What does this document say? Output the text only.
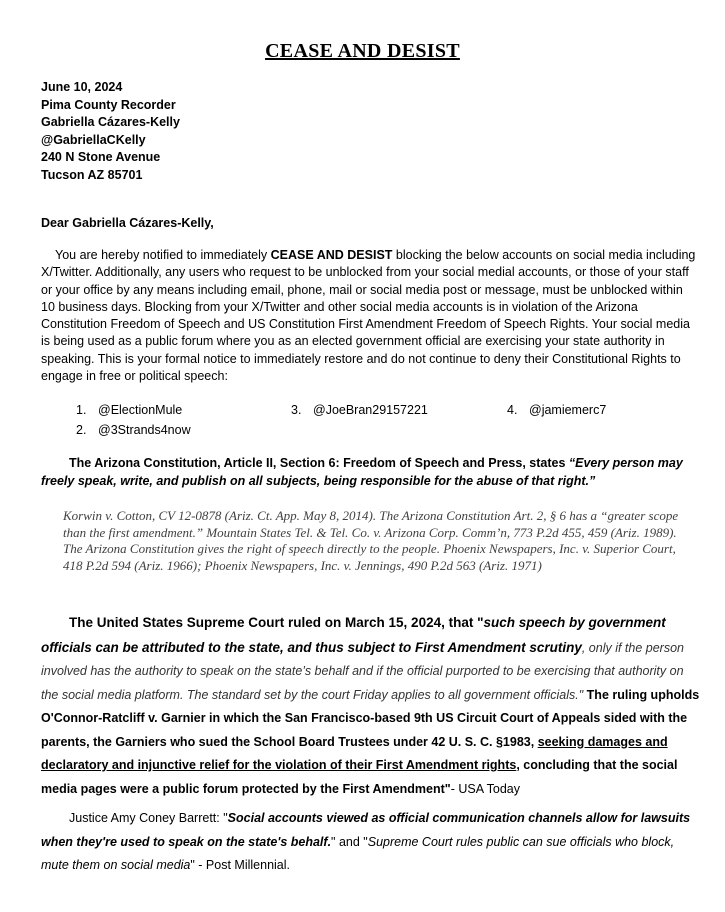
CEASE AND DESIST
June 10, 2024
Pima County Recorder
Gabriella Cázares-Kelly
@GabriellaCKelly
240 N Stone Avenue
Tucson AZ 85701
Dear Gabriella Cázares-Kelly,
You are hereby notified to immediately CEASE AND DESIST blocking the below accounts on social media including X/Twitter. Additionally, any users who request to be unblocked from your social medial accounts, or those of your staff or your office by any means including email, phone, mail or social media post or message, must be unblocked within 10 business days. Blocking from your X/Twitter and other social media accounts is in violation of the Arizona Constitution Freedom of Speech and US Constitution First Amendment Freedom of Speech Rights. Your social media is being used as a public forum where you as an elected government official are exercising your state authority in speaking. This is your formal notice to immediately restore and do not continue to deny their Constitutional Rights to engage in free or political speech:
1. @ElectionMule
2. @3Strands4now
3. @JoeBran29157221	4. @jamiemerc7
The Arizona Constitution, Article II, Section 6: Freedom of Speech and Press, states “Every person may freely speak, write, and publish on all subjects, being responsible for the abuse of that right.”
Korwin v. Cotton, CV 12-0878 (Ariz. Ct. App. May 8, 2014). The Arizona Constitution Art. 2, § 6 has a “greater scope than the first amendment.” Mountain States Tel. & Tel. Co. v. Arizona Corp. Comm’n, 773 P.2d 455, 459 (Ariz. 1989). The Arizona Constitution gives the right of speech directly to the people. Phoenix Newspapers, Inc. v. Superior Court, 418 P.2d 594 (Ariz. 1966); Phoenix Newspapers, Inc. v. Jennings, 490 P.2d 563 (Ariz. 1971)
The United States Supreme Court ruled on March 15, 2024, that "such speech by government officials can be attributed to the state, and thus subject to First Amendment scrutiny, only if the person involved has the authority to speak on the state’s behalf and if the official purported to be exercising that authority on the social media platform. The standard set by the court Friday applies to all government officials." The ruling upholds O'Connor-Ratcliff v. Garnier in which the San Francisco-based 9th US Circuit Court of Appeals sided with the parents, the Garniers who sued the School Board Trustees under 42 U. S. C. §1983, seeking damages and declaratory and injunctive relief for the violation of their First Amendment rights, concluding that the social media pages were a public forum protected by the First Amendment"- USA Today
Justice Amy Coney Barrett: "Social accounts viewed as official communication channels allow for lawsuits when they're used to speak on the state's behalf." and "Supreme Court rules public can sue officials who block, mute them on social media" - Post Millennial.
